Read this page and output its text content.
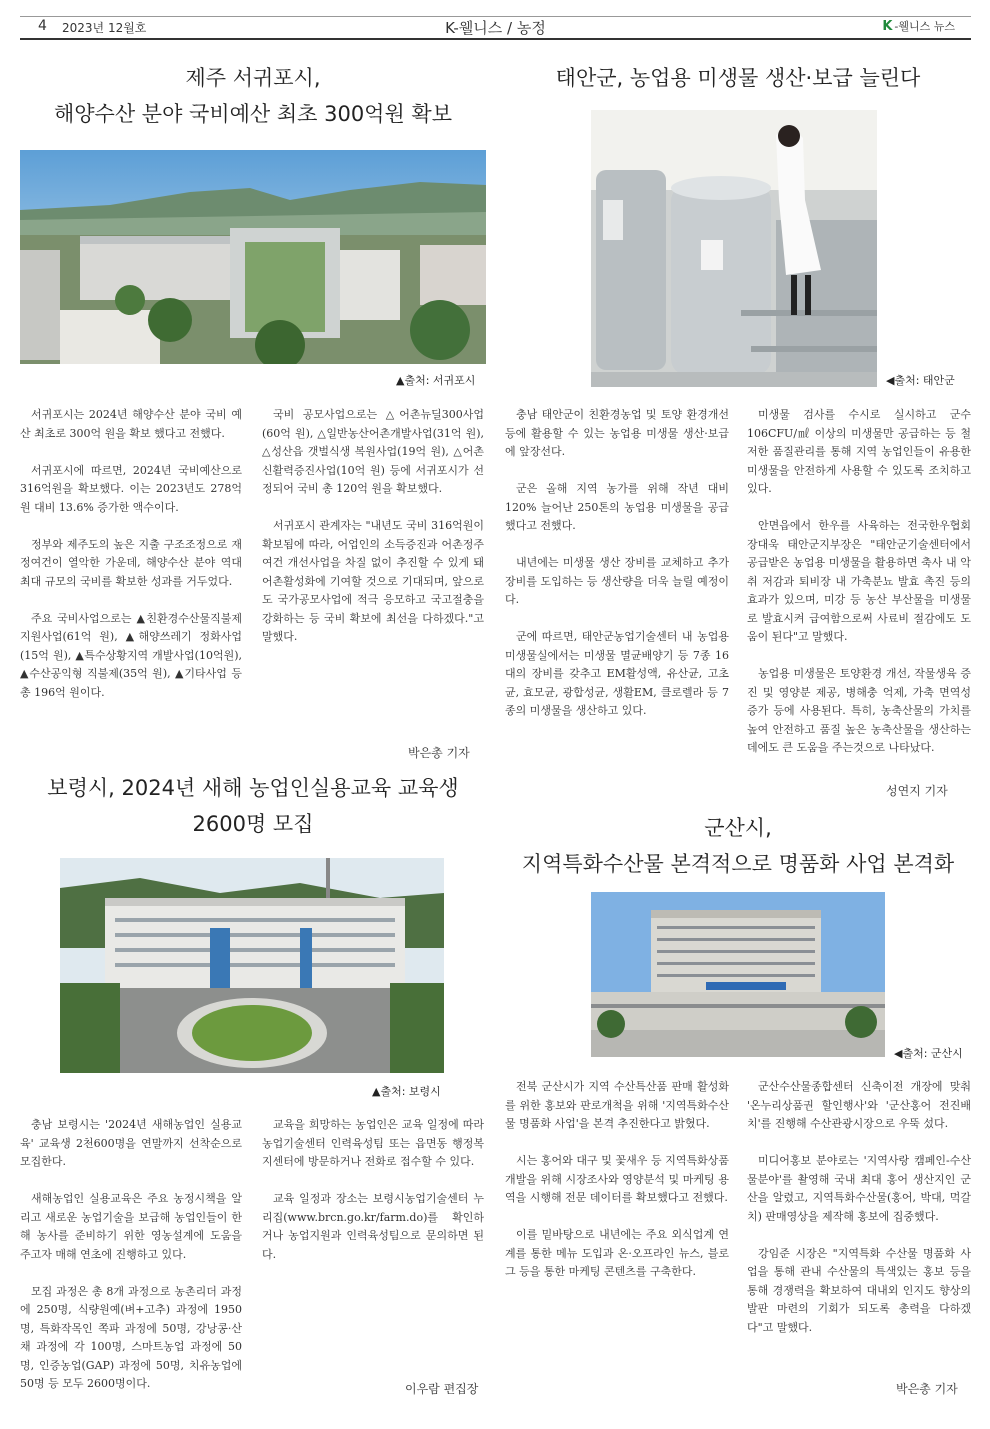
4 2023년 12월호	K-웰니스 / 농정	K -웰니스 뉴스
제주 서귀포시,
해양수산 분야 국비예산 최초 300억원 확보
▲출처: 서귀포시

서귀포시는 2024년 해양수산 분야 국비 예산 최초로 300억 원을 확보 했다고 전했다.

서귀포시에 따르면, 2024년 국비예산으로 316억원을 확보했다. 이는 2023년도 278억 원 대비 13.6% 증가한 액수이다.

정부와 제주도의 높은 지출 구조조정으로 재정여건이 열악한 가운데, 해양수산 분야 역대 최대 규모의 국비를 확보한 성과를 거두었다.

주요 국비사업으로는 ▲친환경수산물직불제 지원사업(61억 원), ▲해양쓰레기 정화사업(15억 원), ▲특수상황지역 개발사업(10억원), ▲수산공익형 직불제(35억 원), ▲기타사업 등 총 196억 원이다.

국비 공모사업으로는 △어촌뉴딜300사업(60억 원), △일반농산어촌개발사업(31억 원), △성산읍 갯벌식생 복원사업(19억 원), △어촌신활력증진사업(10억 원) 등에 서귀포시가 선정되어 국비 총 120억 원을 확보했다.

서귀포시 관계자는 "내년도 국비 316억원이 확보됨에 따라, 어업인의 소득증진과 어촌정주여건 개선사업을 차질 없이 추진할 수 있게 돼 어촌활성화에 기여할 것으로 기대되며, 앞으로도 국가공모사업에 적극 응모하고 국고절충을 강화하는 등 국비 확보에 최선을 다하겠다."고 말했다.

박은총 기자
태안군, 농업용 미생물 생산·보급 늘린다
◀출처: 태안군

충남 태안군이 친환경농업 및 토양 환경개선 등에 활용할 수 있는 농업용 미생물 생산·보급에 앞장선다.

군은 올해 지역 농가를 위해 작년 대비 120% 늘어난 250톤의 농업용 미생물을 공급했다고 전했다.

내년에는 미생물 생산 장비를 교체하고 추가 장비를 도입하는 등 생산량을 더욱 늘릴 예정이다.

군에 따르면, 태안군농업기술센터 내 농업용 미생물실에서는 미생물 멸균배양기 등 7종 16대의 장비를 갖추고 EM활성액, 유산균, 고초균, 효모균, 광합성균, 생활EM, 클로렐라 등 7종의 미생물을 생산하고 있다.

미생물 검사를 수시로 실시하고 군수 106CFU/㎖ 이상의 미생물만 공급하는 등 철저한 품질관리를 통해 지역 농업인들이 유용한 미생물을 안전하게 사용할 수 있도록 조치하고 있다.

안면읍에서 한우를 사육하는 전국한우협회 장대욱 태안군지부장은 "태안군기술센터에서 공급받은 농업용 미생물을 활용하면 축사 내 악취 저감과 퇴비장 내 가축분뇨 발효 촉진 등의 효과가 있으며, 미강 등 농산 부산물을 미생물로 발효시켜 급여함으로써 사료비 절감에도 도움이 된다"고 말했다.

농업용 미생물은 토양환경 개선, 작물생육 증진 및 영양분 제공, 병해충 억제, 가축 면역성 증가 등에 사용된다. 특히, 농축산물의 가치를 높여 안전하고 품질 높은 농축산물을 생산하는 데에도 큰 도움을 주는것으로 나타났다.

성연지 기자
보령시, 2024년 새해 농업인실용교육 교육생
2600명 모집
▲출처: 보령시

충남 보령시는 '2024년 새해농업인 실용교육' 교육생 2천600명을 연말까지 선착순으로 모집한다.

새해농업인 실용교육은 주요 농정시책을 알리고 새로운 농업기술을 보급해 농업인들이 한 해 농사를 준비하기 위한 영농설계에 도움을 주고자 매해 연초에 진행하고 있다.

모집 과정은 총 8개 과정으로 농촌리더 과정에 250명, 식량원예(벼+고추) 과정에 1950명, 특화작목인 쪽파 과정에 50명, 강낭콩·산채 과정에 각 100명, 스마트농업 과정에 50명, 인증농업(GAP) 과정에 50명, 치유농업에 50명 등 모두 2600명이다.

교육을 희망하는 농업인은 교육 일정에 따라 농업기술센터 인력육성팀 또는 읍면동 행정복지센터에 방문하거나 전화로 접수할 수 있다.

교육 일정과 장소는 보령시농업기술센터 누리집(www.brcn.go.kr/farm.do)를 확인하거나 농업지원과 인력육성팀으로 문의하면 된다.

이우람 편집장
군산시,
지역특화수산물 본격적으로 명품화 사업 본격화
◀출처: 군산시

전북 군산시가 지역 수산특산품 판매 활성화를 위한 홍보와 판로개척을 위해 '지역특화수산물 명품화 사업'을 본격 추진한다고 밝혔다.

시는 홍어와 대구 및 꽃새우 등 지역특화상품 개발을 위해 시장조사와 영양분석 및 마케팅 용역을 시행해 전문 데이터를 확보했다고 전했다.

이를 밑바탕으로 내년에는 주요 외식업계 연계를 통한 메뉴 도입과 온·오프라인 뉴스, 블로그 등을 통한 마케팅 콘텐츠를 구축한다.

군산수산물종합센터 신축이전 개장에 맞춰 '온누리상품권 할인행사'와 '군산홍어 전진배치'를 진행해 수산관광시장으로 우뚝 섰다.

미디어홍보 분야로는 '지역사랑 캠페인-수산물분야'를 촬영해 국내 최대 홍어 생산지인 군산을 알렸고, 지역특화수산물(홍어, 박대, 먹갈치) 판매영상을 제작해 홍보에 집중했다.

강임준 시장은 "지역특화 수산물 명품화 사업을 통해 관내 수산물의 특색있는 홍보 등을 통해 경쟁력을 확보하여 대내외 인지도 향상의 발판 마련의 기회가 되도록 총력을 다하겠다"고 말했다.

박은총 기자
